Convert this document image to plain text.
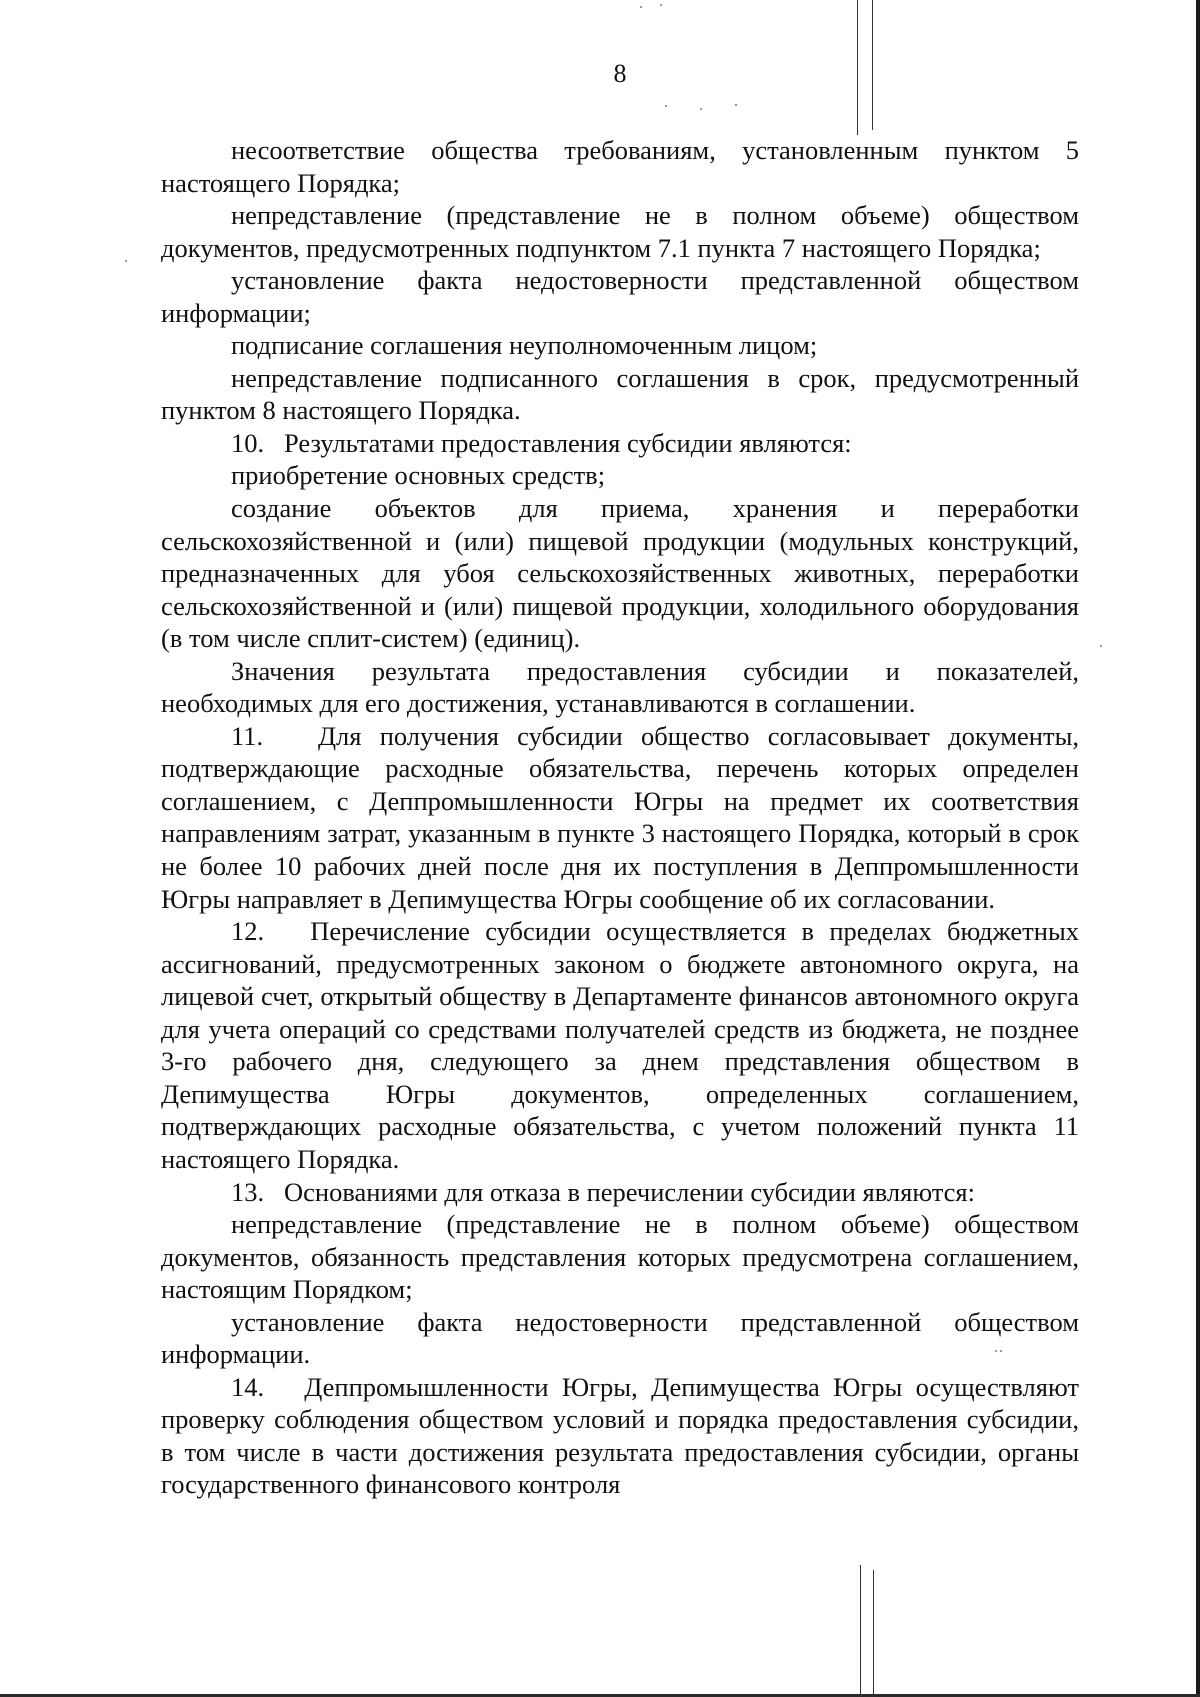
8

несоответствие общества требованиям, установленным пунктом 5 настоящего Порядка;

непредставление (представление не в полном объеме) обществом документов, предусмотренных подпунктом 7.1 пункта 7 настоящего Порядка;

установление факта недостоверности представленной обществом информации;

подписание соглашения неуполномоченным лицом;

непредставление подписанного соглашения в срок, предусмотренный пунктом 8 настоящего Порядка.

10.   Результатами предоставления субсидии являются:

приобретение основных средств;

создание объектов для приема, хранения и переработки сельскохозяйственной и (или) пищевой продукции (модульных конструкций, предназначенных для убоя сельскохозяйственных животных, переработки сельскохозяйственной и (или) пищевой продукции, холодильного оборудования (в том числе сплит-систем) (единиц).

Значения результата предоставления субсидии и показателей, необходимых для его достижения, устанавливаются в соглашении.

11.   Для получения субсидии общество согласовывает документы, подтверждающие расходные обязательства, перечень которых определен соглашением, с Деппромышленности Югры на предмет их соответствия направлениям затрат, указанным в пункте 3 настоящего Порядка, который в срок не более 10 рабочих дней после дня их поступления в Деппромышленности Югры направляет в Депимущества Югры сообщение об их согласовании.

12.   Перечисление субсидии осуществляется в пределах бюджетных ассигнований, предусмотренных законом о бюджете автономного округа, на лицевой счет, открытый обществу в Департаменте финансов автономного округа для учета операций со средствами получателей средств из бюджета, не позднее 3-го рабочего дня, следующего за днем представления обществом в Депимущества Югры документов, определенных соглашением, подтверждающих расходные обязательства, с учетом положений пункта 11 настоящего Порядка.

13.   Основаниями для отказа в перечислении субсидии являются:

непредставление (представление не в полном объеме) обществом документов, обязанность представления которых предусмотрена соглашением, настоящим Порядком;

установление факта недостоверности представленной обществом информации.

14.   Деппромышленности Югры, Депимущества Югры осуществляют проверку соблюдения обществом условий и порядка предоставления субсидии, в том числе в части достижения результата предоставления субсидии, органы государственного финансового контроля
